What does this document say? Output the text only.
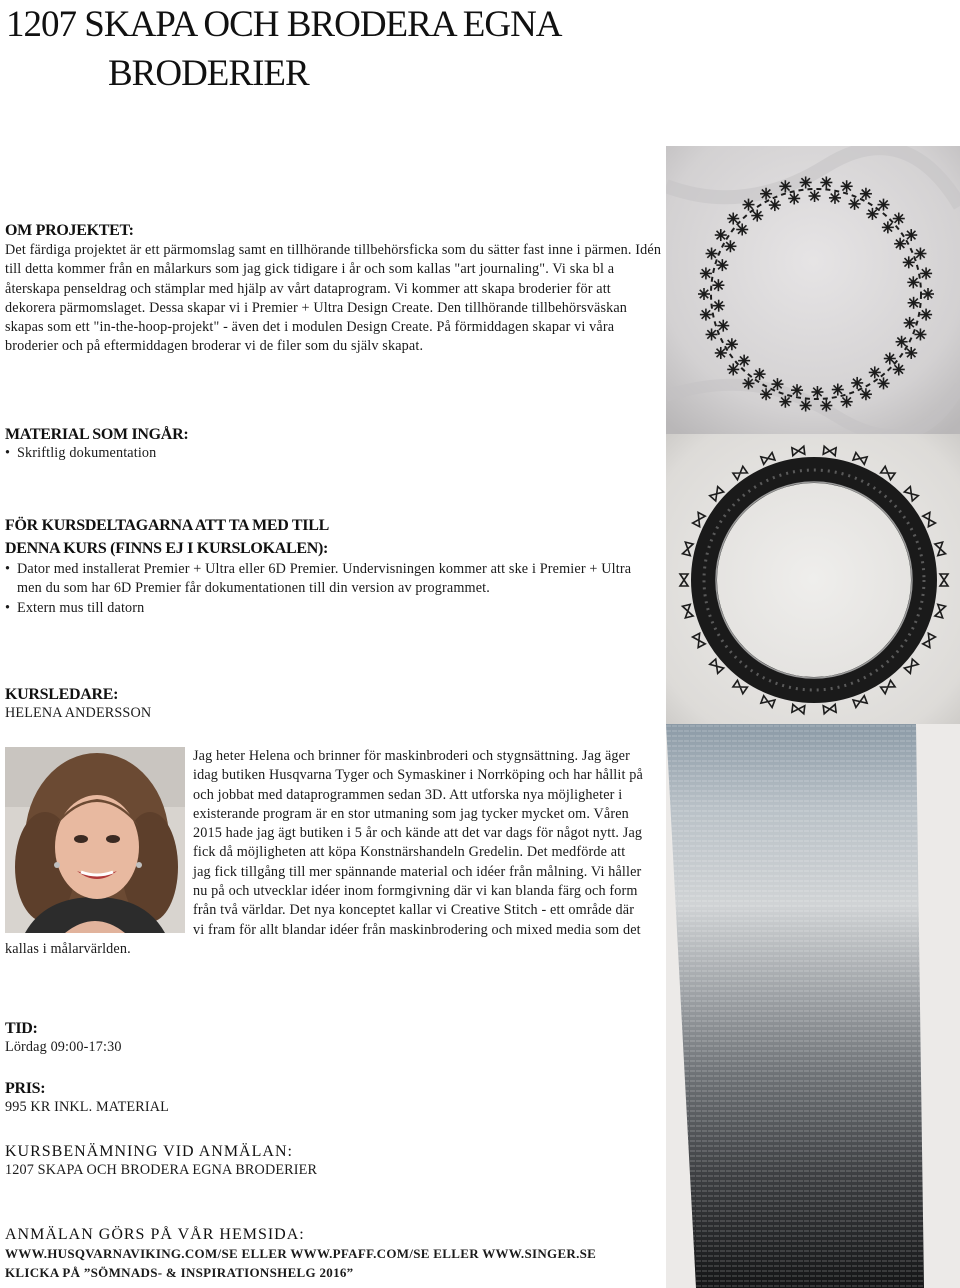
1207 SKAPA OCH BRODERA EGNA
BRODERIER
OM PROJEKTET:
Det färdiga projektet är ett pärmomslag samt en tillhörande tillbehörsficka som du sätter fast inne i pärmen. Idén till detta kommer från en målarkurs som jag gick tidigare i år och som kallas "art journaling". Vi ska bl a återskapa penseldrag och stämplar med hjälp av vårt dataprogram. Vi kommer att skapa broderier för att dekorera pärmomslaget. Dessa skapar vi i Premier + Ultra Design Create. Den tillhörande tillbehörsväskan skapas som ett "in-the-hoop-projekt" - även det i modulen Design Create. På förmiddagen skapar vi våra broderier och på eftermiddagen broderar vi de filer som du själv skapat.
MATERIAL SOM INGÅR:
• Skriftlig dokumentation
FÖR KURSDELTAGARNA ATT TA MED TILL
DENNA KURS (FINNS EJ I KURSLOKALEN):
• Dator med installerat Premier + Ultra eller 6D Premier. Undervisningen kommer att ske i Premier + Ultra men du som har 6D Premier får dokumentationen till din version av programmet.
• Extern mus till datorn
KURSLEDARE:
HELENA ANDERSSON
Jag heter Helena och brinner för maskinbroderi och stygnsättning. Jag äger idag butiken Husqvarna Tyger och Symaskiner i Norrköping och har hållit på och jobbat med dataprogrammen sedan 3D. Att utforska nya möjligheter i existerande program är en stor utmaning som jag tycker mycket om. Våren 2015 hade jag ägt butiken i 5 år och kände att det var dags för något nytt. Jag fick då möjligheten att köpa Konstnärshandeln Gredelin. Det medförde att jag fick tillgång till mer spännande material och idéer från målning. Vi håller nu på och utvecklar idéer inom formgivning där vi kan blanda färg och form från två världar. Det nya konceptet kallar vi Creative Stitch - ett område där vi fram för allt blandar idéer från maskinbrodering och mixed media som det kallas i målarvärlden.
TID:
Lördag 09:00-17:30
PRIS:
995 KR INKL. MATERIAL
KURSBENÄMNING VID ANMÄLAN:
1207 SKAPA OCH BRODERA EGNA BRODERIER
ANMÄLAN GÖRS PÅ VÅR HEMSIDA:
WWW.HUSQVARNAVIKING.COM/SE ELLER WWW.PFAFF.COM/SE ELLER WWW.SINGER.SE
KLICKA PÅ ”SÖMNADS- & INSPIRATIONSHELG 2016”
